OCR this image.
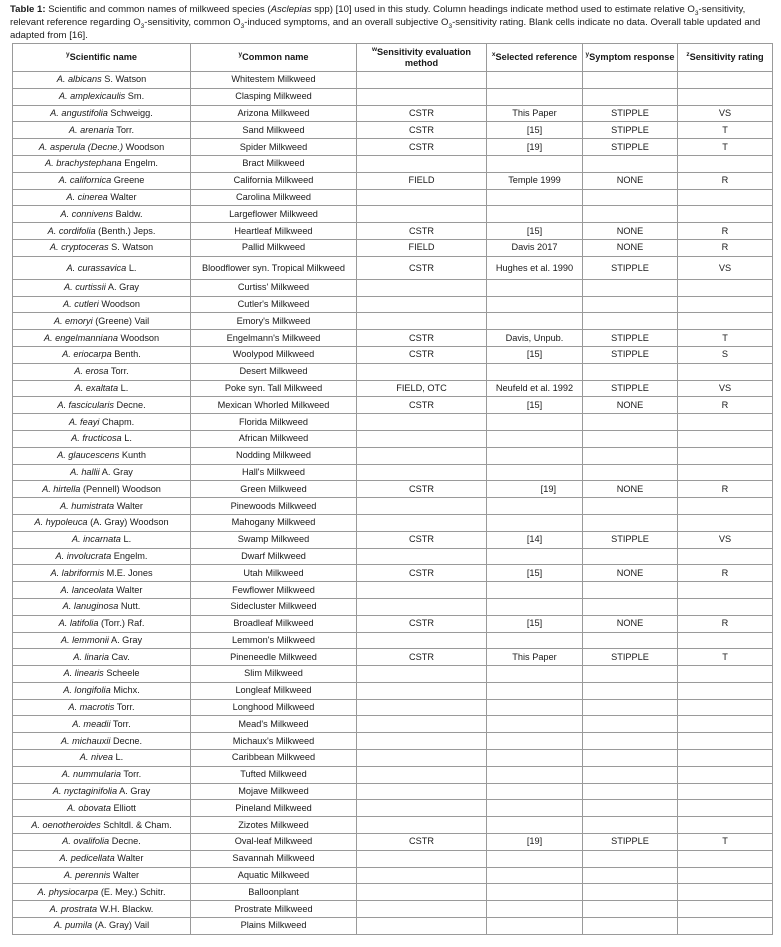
Table 1: Scientific and common names of milkweed species (Asclepias spp) [10] used in this study. Column headings indicate method used to estimate relative $O_3$-sensitivity, relevant reference regarding $O_3$-sensitivity, common $O_3$-induced symptoms, and an overall subjective $O_3$-sensitivity rating. Blank cells indicate no data. Overall table updated and adapted from [16].
$^y$Scientific name	$^y$Common name	$^w$Sensitivity evaluation method	$^x$Selected reference	$^y$Symptom response	$^z$Sensitivity rating
A. albicans S. Watson	Whitestem Milkweed				
A. amplexicaulis Sm.	Clasping Milkweed				
A. angustifolia Schweigg.	Arizona Milkweed	CSTR	This Paper	STIPPLE	VS
A. arenaria Torr.	Sand Milkweed	CSTR	[15]	STIPPLE	T
A. asperula (Decne.) Woodson	Spider Milkweed	CSTR	[19]	STIPPLE	T
A. brachystephana Engelm.	Bract Milkweed				
A. californica Greene	California Milkweed	FIELD	Temple 1999	NONE	R
A. cinerea Walter	Carolina Milkweed				
A. connivens Baldw.	Largeflower Milkweed				
A. cordifolia (Benth.) Jeps.	Heartleaf Milkweed	CSTR	[15]	NONE	R
A. cryptoceras S. Watson	Pallid Milkweed	FIELD	Davis 2017	NONE	R
A. curassavica L.	Bloodflower syn. Tropical Milkweed	CSTR	Hughes et al. 1990	STIPPLE	VS
A. curtissii A. Gray	Curtiss' Milkweed				
A. cutleri Woodson	Cutler's Milkweed				
A. emoryi (Greene) Vail	Emory's Milkweed				
A. engelmanniana Woodson	Engelmann's Milkweed	CSTR	Davis, Unpub.	STIPPLE	T
A. eriocarpa Benth.	Woolypod Milkweed	CSTR	[15]	STIPPLE	S
A. erosa Torr.	Desert Milkweed				
A. exaltata L.	Poke syn. Tall Milkweed	FIELD, OTC	Neufeld et al. 1992	STIPPLE	VS
A. fascicularis Decne.	Mexican Whorled Milkweed	CSTR	[15]	NONE	R
A. feayi Chapm.	Florida Milkweed				
A. fructicosa L.	African Milkweed				
A. glaucescens Kunth	Nodding Milkweed				
A. hallii A. Gray	Hall's Milkweed				
A. hirtella (Pennell) Woodson	Green Milkweed	CSTR	[19]	NONE	R
A. humistrata Walter	Pinewoods Milkweed				
A. hypoleuca (A. Gray) Woodson	Mahogany Milkweed				
A. incarnata L.	Swamp Milkweed	CSTR	[14]	STIPPLE	VS
A. involucrata Engelm.	Dwarf Milkweed				
A. labriformis M.E. Jones	Utah Milkweed	CSTR	[15]	NONE	R
A. lanceolata Walter	Fewflower Milkweed				
A. lanuginosa Nutt.	Sidecluster Milkweed				
A. latifolia (Torr.) Raf.	Broadleaf Milkweed	CSTR	[15]	NONE	R
A. lemmonii A. Gray	Lemmon's Milkweed				
A. linaria Cav.	Pineneedle Milkweed	CSTR	This Paper	STIPPLE	T
A. linearis Scheele	Slim Milkweed				
A. longifolia Michx.	Longleaf Milkweed				
A. macrotis Torr.	Longhood Milkweed				
A. meadii Torr.	Mead's Milkweed				
A. michauxii Decne.	Michaux's Milkweed				
A. nivea L.	Caribbean Milkweed				
A. nummularia Torr.	Tufted Milkweed				
A. nyctaginifolia A. Gray	Mojave Milkweed				
A. obovata Elliott	Pineland Milkweed				
A. oenotheroides Schltdl. & Cham.	Zizotes Milkweed				
A. ovalifolia Decne.	Oval-leaf Milkweed	CSTR	[19]	STIPPLE	T
A. pedicellata Walter	Savannah Milkweed				
A. perennis Walter	Aquatic Milkweed				
A. physiocarpa (E. Mey.) Schitr.	Balloonplant				
A. prostrata W.H. Blackw.	Prostrate Milkweed				
A. pumila (A. Gray) Vail	Plains Milkweed				
